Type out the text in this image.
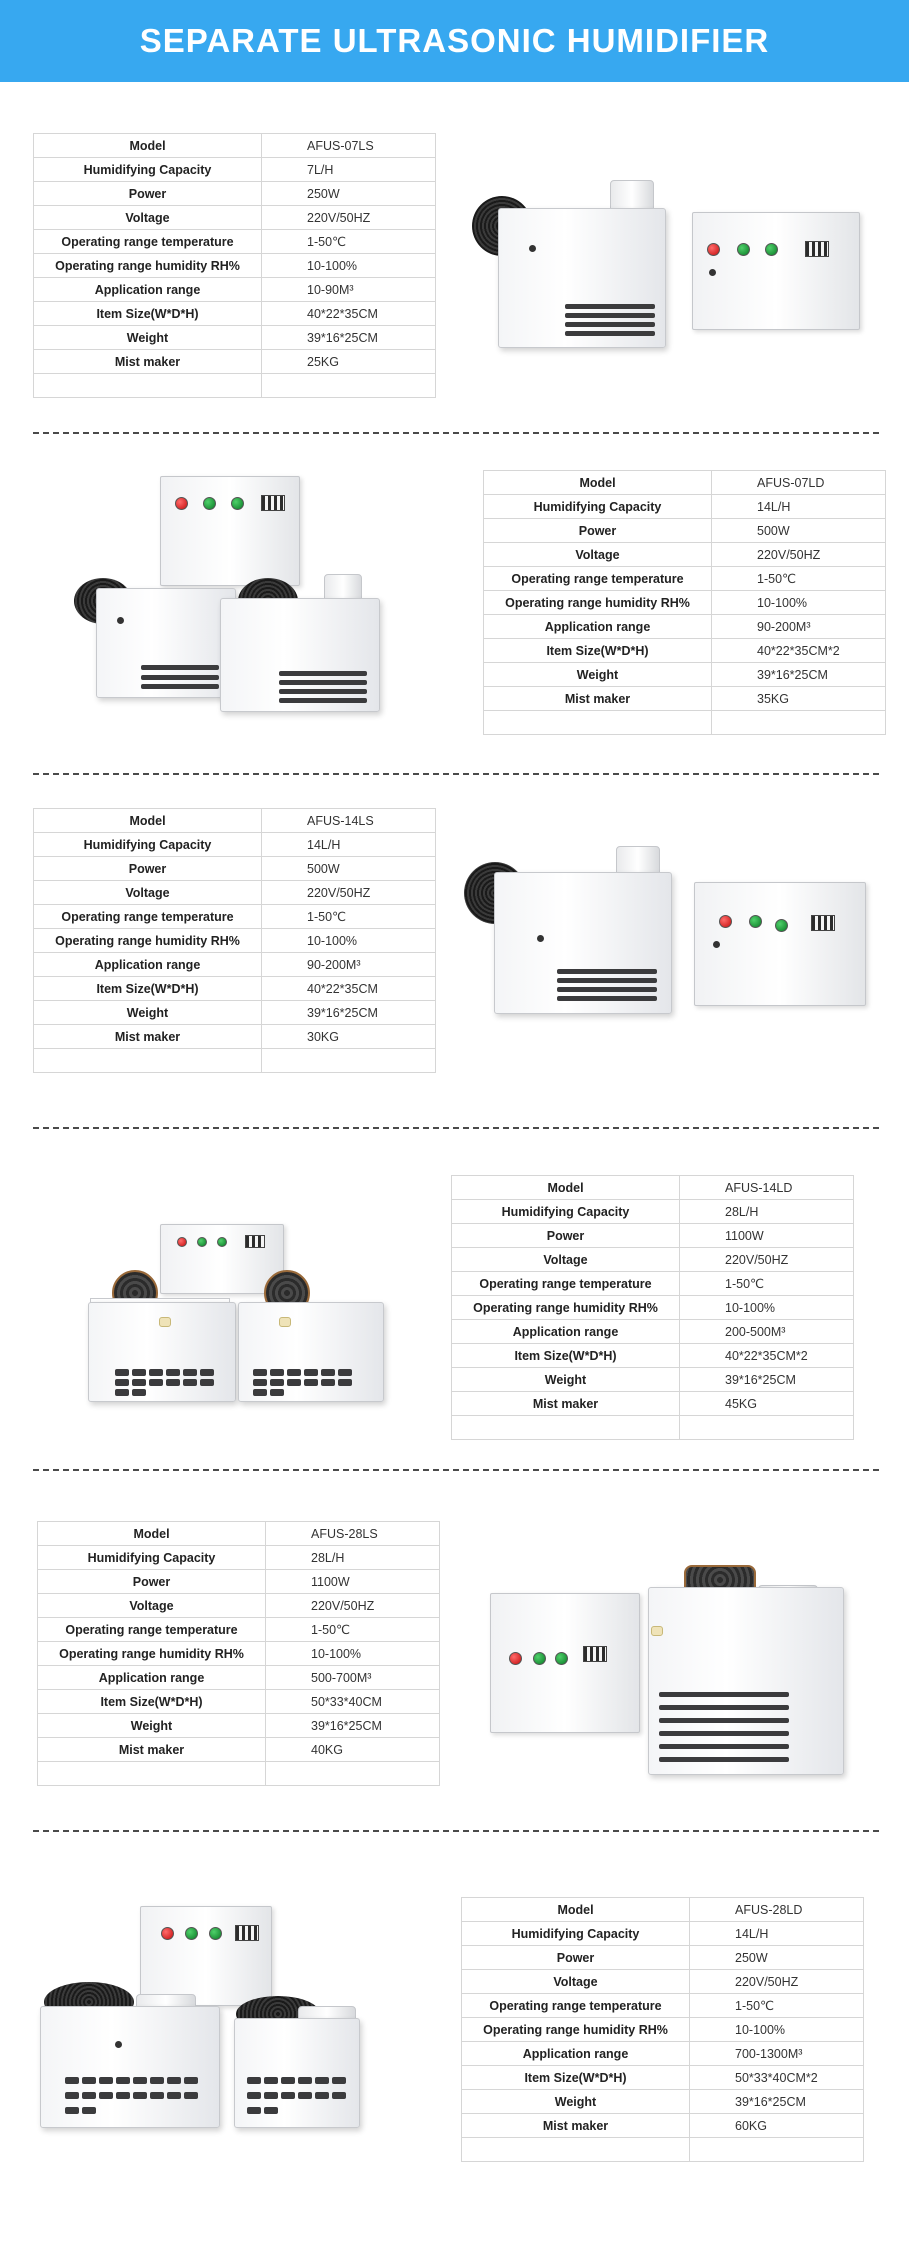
SEPARATE ULTRASONIC HUMIDIFIER
Model	AFUS-07LS
Humidifying Capacity	7L/H
Power	250W
Voltage	220V/50HZ
Operating range temperature	1-50℃
Operating range humidity RH%	10-100%
Application range	10-90M³
Item Size(W*D*H)	40*22*35CM
Weight	39*16*25CM
Mist maker	25KG

Model	AFUS-07LD
Humidifying Capacity	14L/H
Power	500W
Voltage	220V/50HZ
Operating range temperature	1-50℃
Operating range humidity RH%	10-100%
Application range	90-200M³
Item Size(W*D*H)	40*22*35CM*2
Weight	39*16*25CM
Mist maker	35KG

Model	AFUS-14LS
Humidifying Capacity	14L/H
Power	500W
Voltage	220V/50HZ
Operating range temperature	1-50℃
Operating range humidity RH%	10-100%
Application range	90-200M³
Item Size(W*D*H)	40*22*35CM
Weight	39*16*25CM
Mist maker	30KG

Model	AFUS-14LD
Humidifying Capacity	28L/H
Power	1100W
Voltage	220V/50HZ
Operating range temperature	1-50℃
Operating range humidity RH%	10-100%
Application range	200-500M³
Item Size(W*D*H)	40*22*35CM*2
Weight	39*16*25CM
Mist maker	45KG

Model	AFUS-28LS
Humidifying Capacity	28L/H
Power	1100W
Voltage	220V/50HZ
Operating range temperature	1-50℃
Operating range humidity RH%	10-100%
Application range	500-700M³
Item Size(W*D*H)	50*33*40CM
Weight	39*16*25CM
Mist maker	40KG

Model	AFUS-28LD
Humidifying Capacity	14L/H
Power	250W
Voltage	220V/50HZ
Operating range temperature	1-50℃
Operating range humidity RH%	10-100%
Application range	700-1300M³
Item Size(W*D*H)	50*33*40CM*2
Weight	39*16*25CM
Mist maker	60KG
